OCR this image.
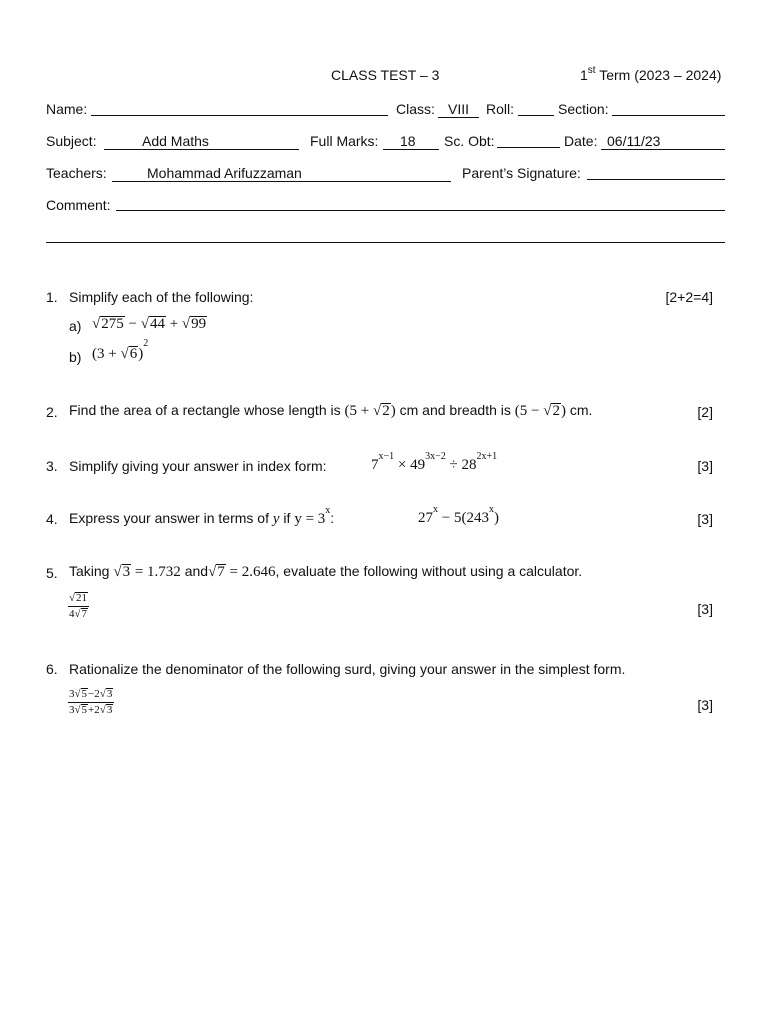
CLASS TEST – 3	1st Term (2023 – 2024)
Name:	Class: VIII	Roll:	Section:
Subject:	Add Maths	Full Marks:	18	Sc. Obt:	Date: 06/11/23
Teachers:	Mohammad Arifuzzaman	Parent’s Signature:
Comment:
1. Simplify each of the following:	[2+2=4]
a) √275 − √44 + √99
b) $(3 + √6)^2$
2. Find the area of a rectangle whose length is (5 + √2) cm and breadth is (5 − √2) cm.	[2]
3. Simplify giving your answer in index form:	$7^{x-1} \times 49^{3x-2} \div 28^{2x+1}$
[3]
4. Express your answer in terms of y if $y = 3^x$:	$27^x - 5(243^x)$	[3]
5. Taking √3 = 1.732 and√7 = 2.646, evaluate the following without using a calculator.
$\frac{√21}{4√7}$	[3]
6. Rationalize the denominator of the following surd, giving your answer in the simplest form.
$\frac{3√5-2√3}{3√5+2√3}$	[3]
